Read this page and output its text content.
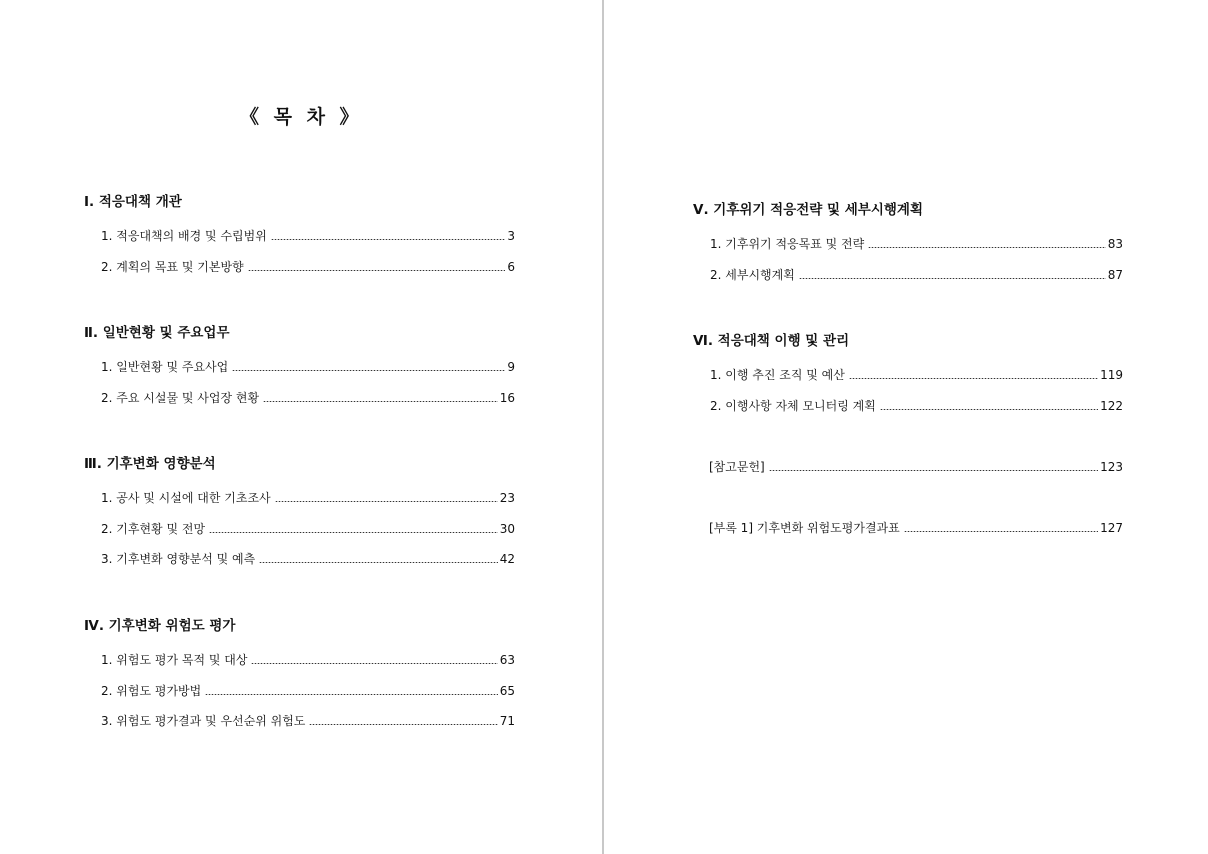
《 목 차 》
Ⅰ. 적응대책 개관
1. 적응대책의 배경 및 수립범위	3
2. 계획의 목표 및 기본방향	6
Ⅱ. 일반현황 및 주요업무
1. 일반현황 및 주요사업	9
2. 주요 시설물 및 사업장 현황	16
Ⅲ. 기후변화 영향분석
1. 공사 및 시설에 대한 기초조사	23
2. 기후현황 및 전망	30
3. 기후변화 영향분석 및 예측	42
Ⅳ. 기후변화 위험도 평가
1. 위험도 평가 목적 및 대상	63
2. 위험도 평가방법	65
3. 위험도 평가결과 및 우선순위 위험도	71
Ⅴ. 기후위기 적응전략 및 세부시행계획
1. 기후위기 적응목표 및 전략	83
2. 세부시행계획	87
Ⅵ. 적응대책 이행 및 관리
1. 이행 추진 조직 및 예산	119
2. 이행사항 자체 모니터링 계획	122
[참고문헌]	123
[부록 1] 기후변화 위험도평가결과표	127
